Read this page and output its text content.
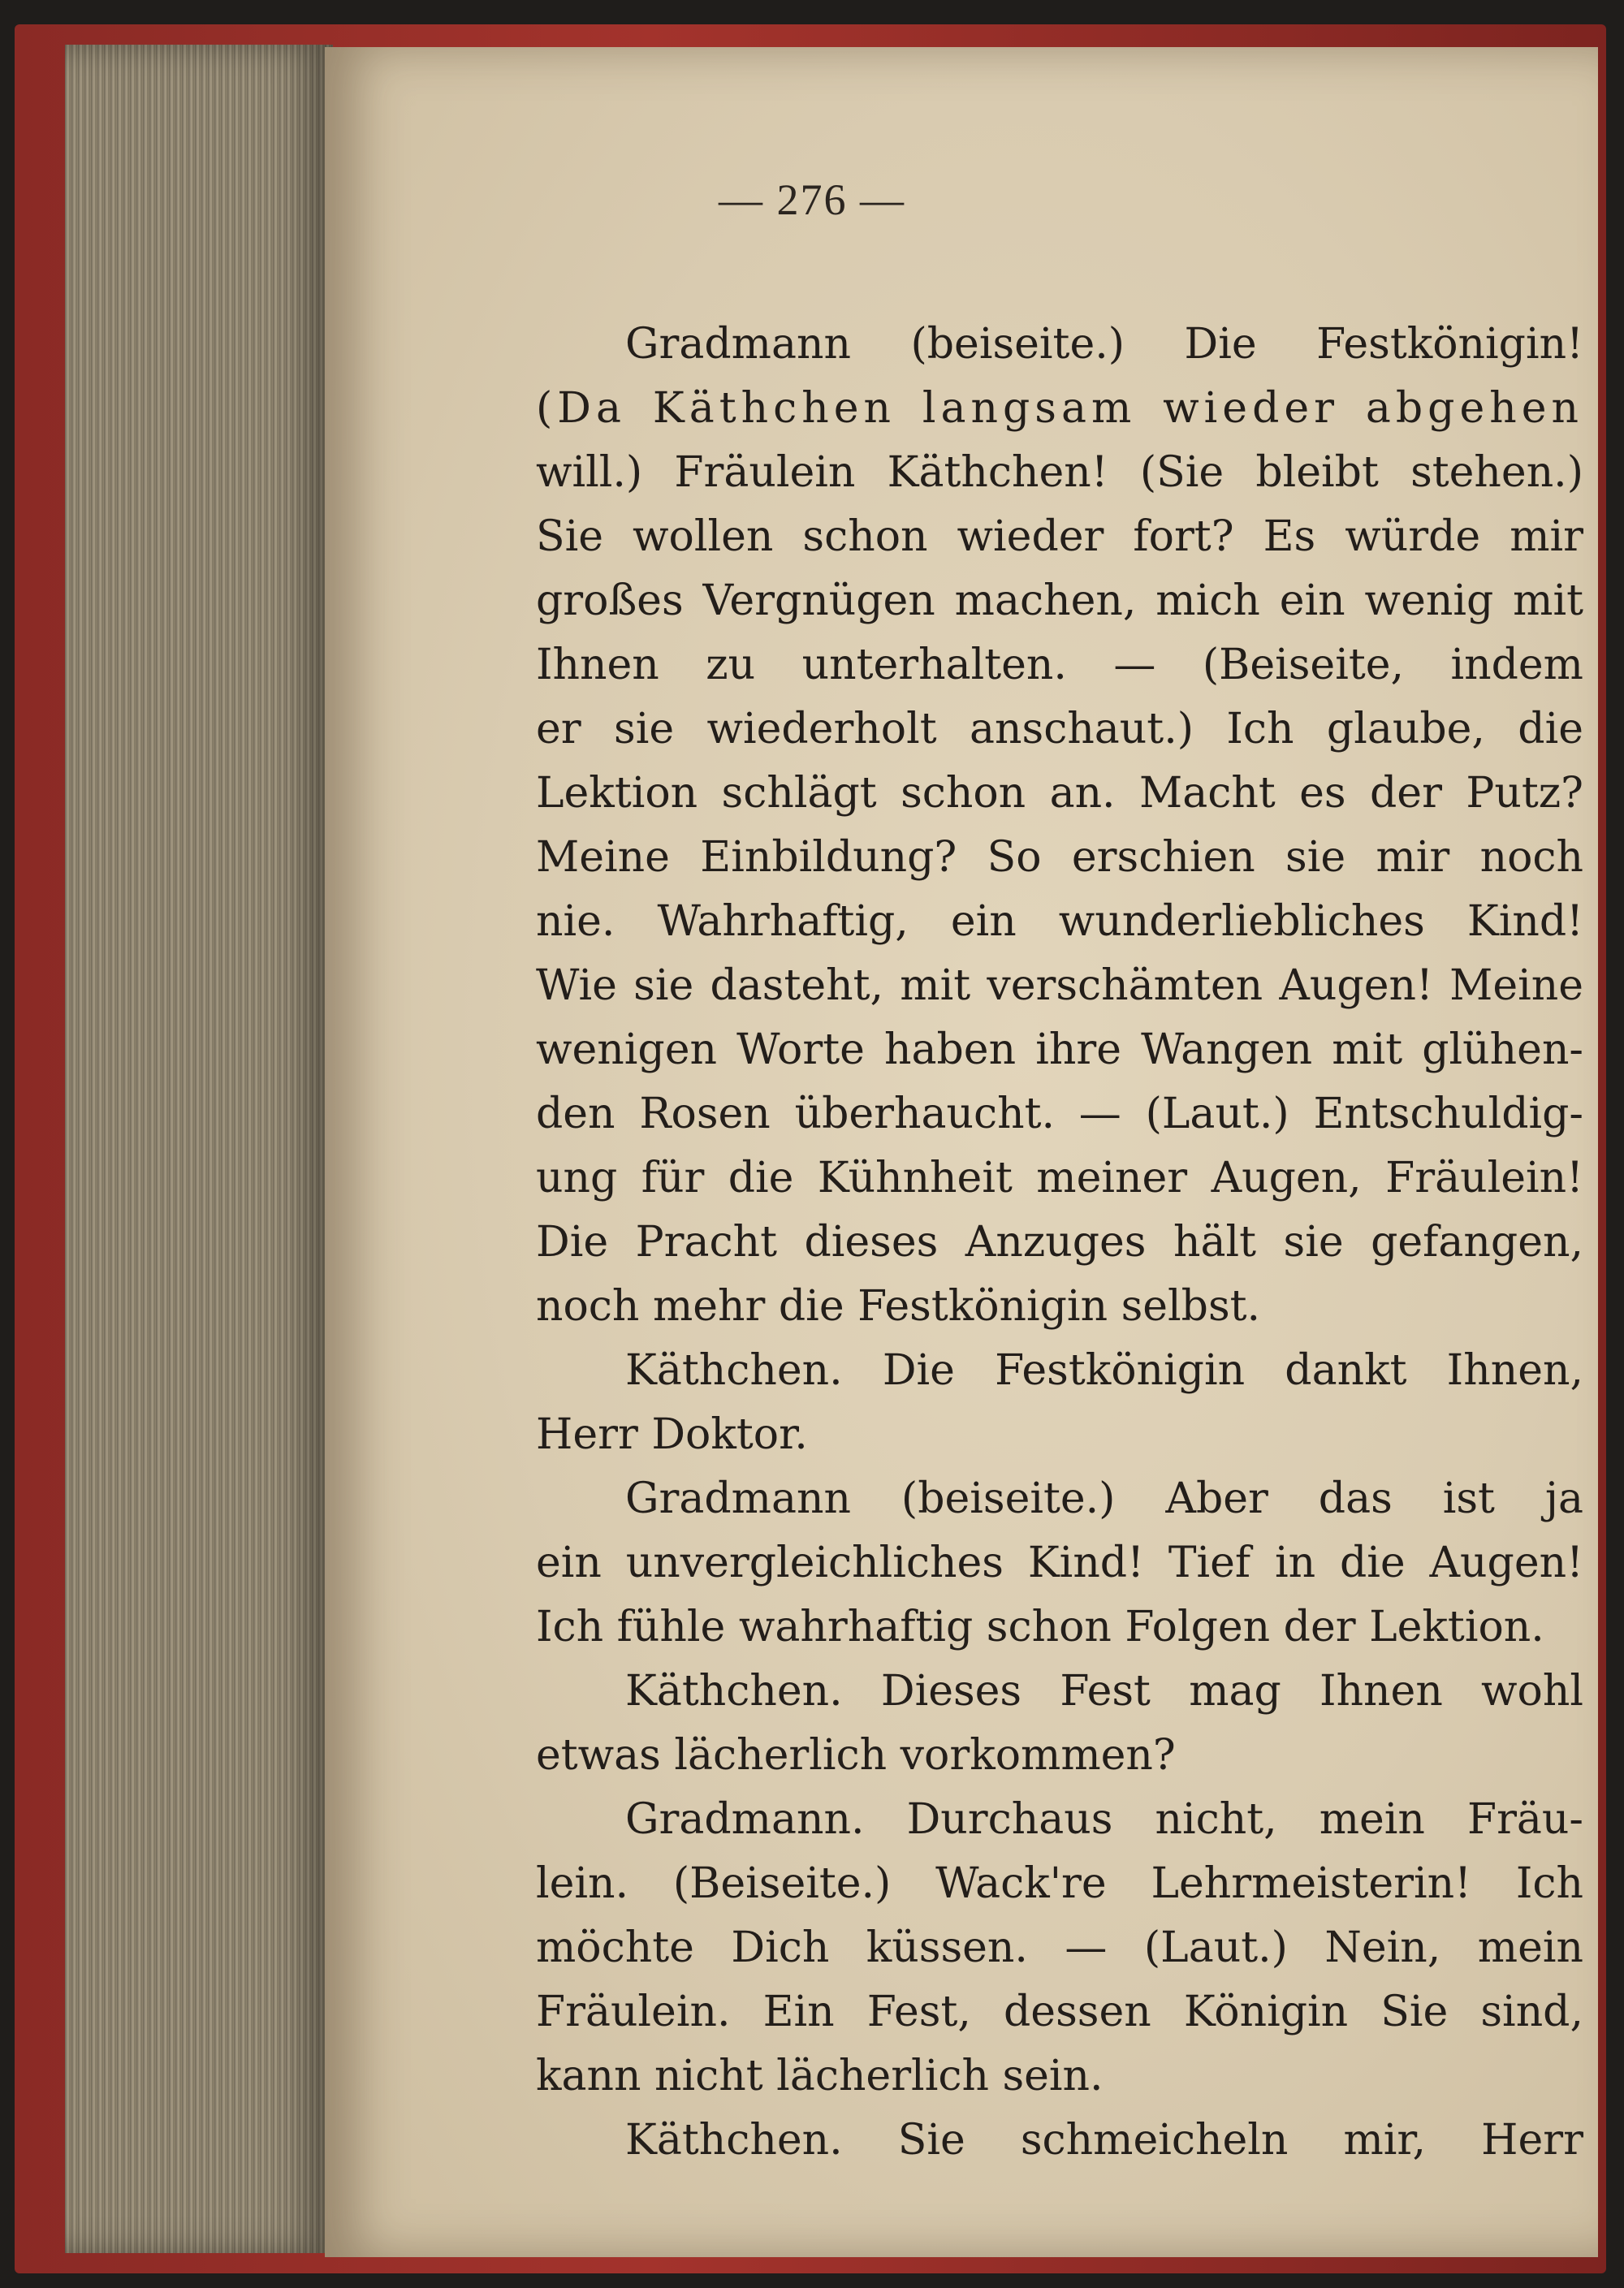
— 276 —
Gradmann (beiseite.) Die Festkönigin!
(Da Käthchen langsam wieder abgehen
will.) Fräulein Käthchen! (Sie bleibt stehen.)
Sie wollen schon wieder fort? Es würde mir
großes Vergnügen machen, mich ein wenig mit
Ihnen zu unterhalten. — (Beiseite, indem
er sie wiederholt anschaut.) Ich glaube, die
Lektion schlägt schon an. Macht es der Putz?
Meine Einbildung? So erschien sie mir noch
nie. Wahrhaftig, ein wunderliebliches Kind!
Wie sie dasteht, mit verschämten Augen! Meine
wenigen Worte haben ihre Wangen mit glühen-
den Rosen überhaucht. — (Laut.) Entschuldig-
ung für die Kühnheit meiner Augen, Fräulein!
Die Pracht dieses Anzuges hält sie gefangen,
noch mehr die Festkönigin selbst.
Käthchen. Die Festkönigin dankt Ihnen,
Herr Doktor.
Gradmann (beiseite.) Aber das ist ja
ein unvergleichliches Kind! Tief in die Augen!
Ich fühle wahrhaftig schon Folgen der Lektion.
Käthchen. Dieses Fest mag Ihnen wohl
etwas lächerlich vorkommen?
Gradmann. Durchaus nicht, mein Fräu-
lein. (Beiseite.) Wack're Lehrmeisterin! Ich
möchte Dich küssen. — (Laut.) Nein, mein
Fräulein. Ein Fest, dessen Königin Sie sind,
kann nicht lächerlich sein.
Käthchen. Sie schmeicheln mir, Herr
